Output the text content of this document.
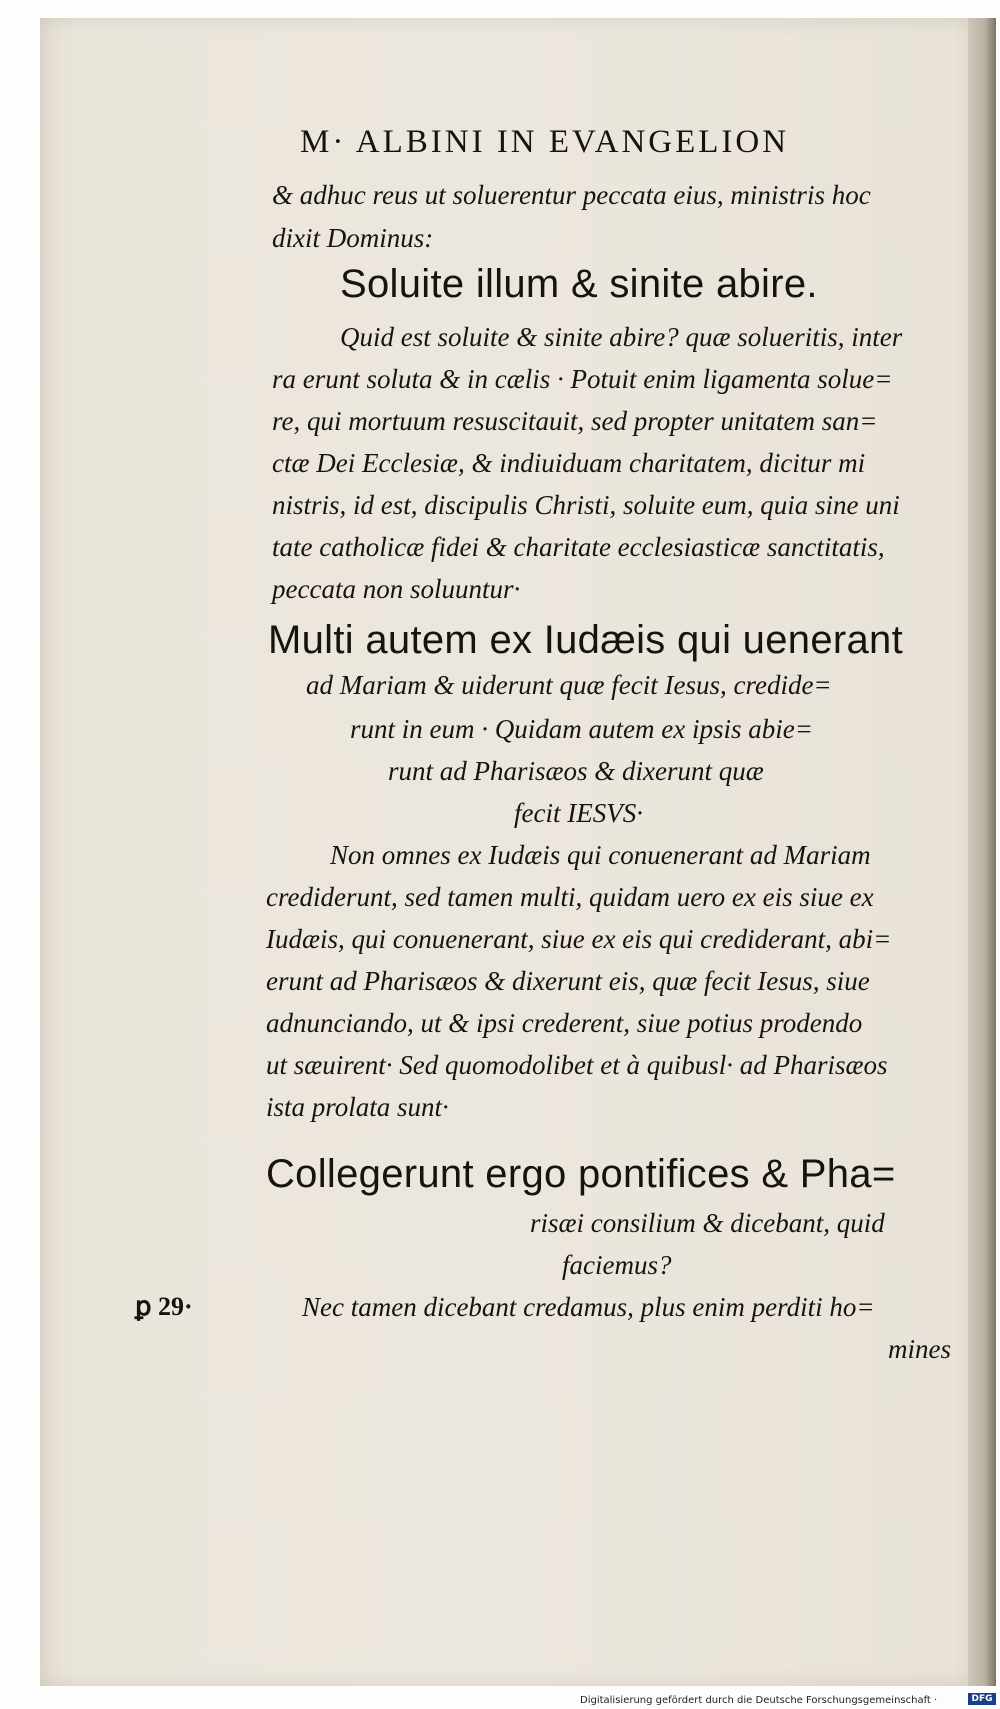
M· ALBINI IN EVANGELION
& adhuc reus ut soluerentur peccata eius, ministris hoc
dixit Dominus:
Soluite illum & sinite abire.
Quid est soluite & sinite abire? quæ solueritis, inter
ra erunt soluta & in cælis · Potuit enim ligamenta solue=
re, qui mortuum resuscitauit, sed propter unitatem san=
ctæ Dei Ecclesiæ, & indiuiduam charitatem, dicitur mi
nistris, id est, discipulis Christi, soluite eum, quia sine uni
tate catholicæ fidei & charitate ecclesiasticæ sanctitatis,
peccata non soluuntur·
Multi autem ex Iudæis qui uenerant
ad Mariam & uiderunt quæ fecit Iesus, credide=
runt in eum · Quidam autem ex ipsis abie=
runt ad Pharisæos & dixerunt quæ
fecit IESVS·
Non omnes ex Iudæis qui conuenerant ad Mariam
crediderunt, sed tamen multi, quidam uero ex eis siue ex
Iudæis, qui conuenerant, siue ex eis qui crediderant, abi=
erunt ad Pharisæos & dixerunt eis, quæ fecit Iesus, siue
adnunciando, ut & ipsi crederent, siue potius prodendo
ut sæuirent· Sed quomodolibet et à quibusl· ad Pharisæos
ista prolata sunt·
Collegerunt ergo pontifices & Pha=
risæi consilium & dicebant, quid
faciemus?
ꝑ 29·	Nec tamen dicebant credamus, plus enim perditi ho=
mines
Digitalisierung gefördert durch die Deutsche Forschungsgemeinschaft ·	DFG
